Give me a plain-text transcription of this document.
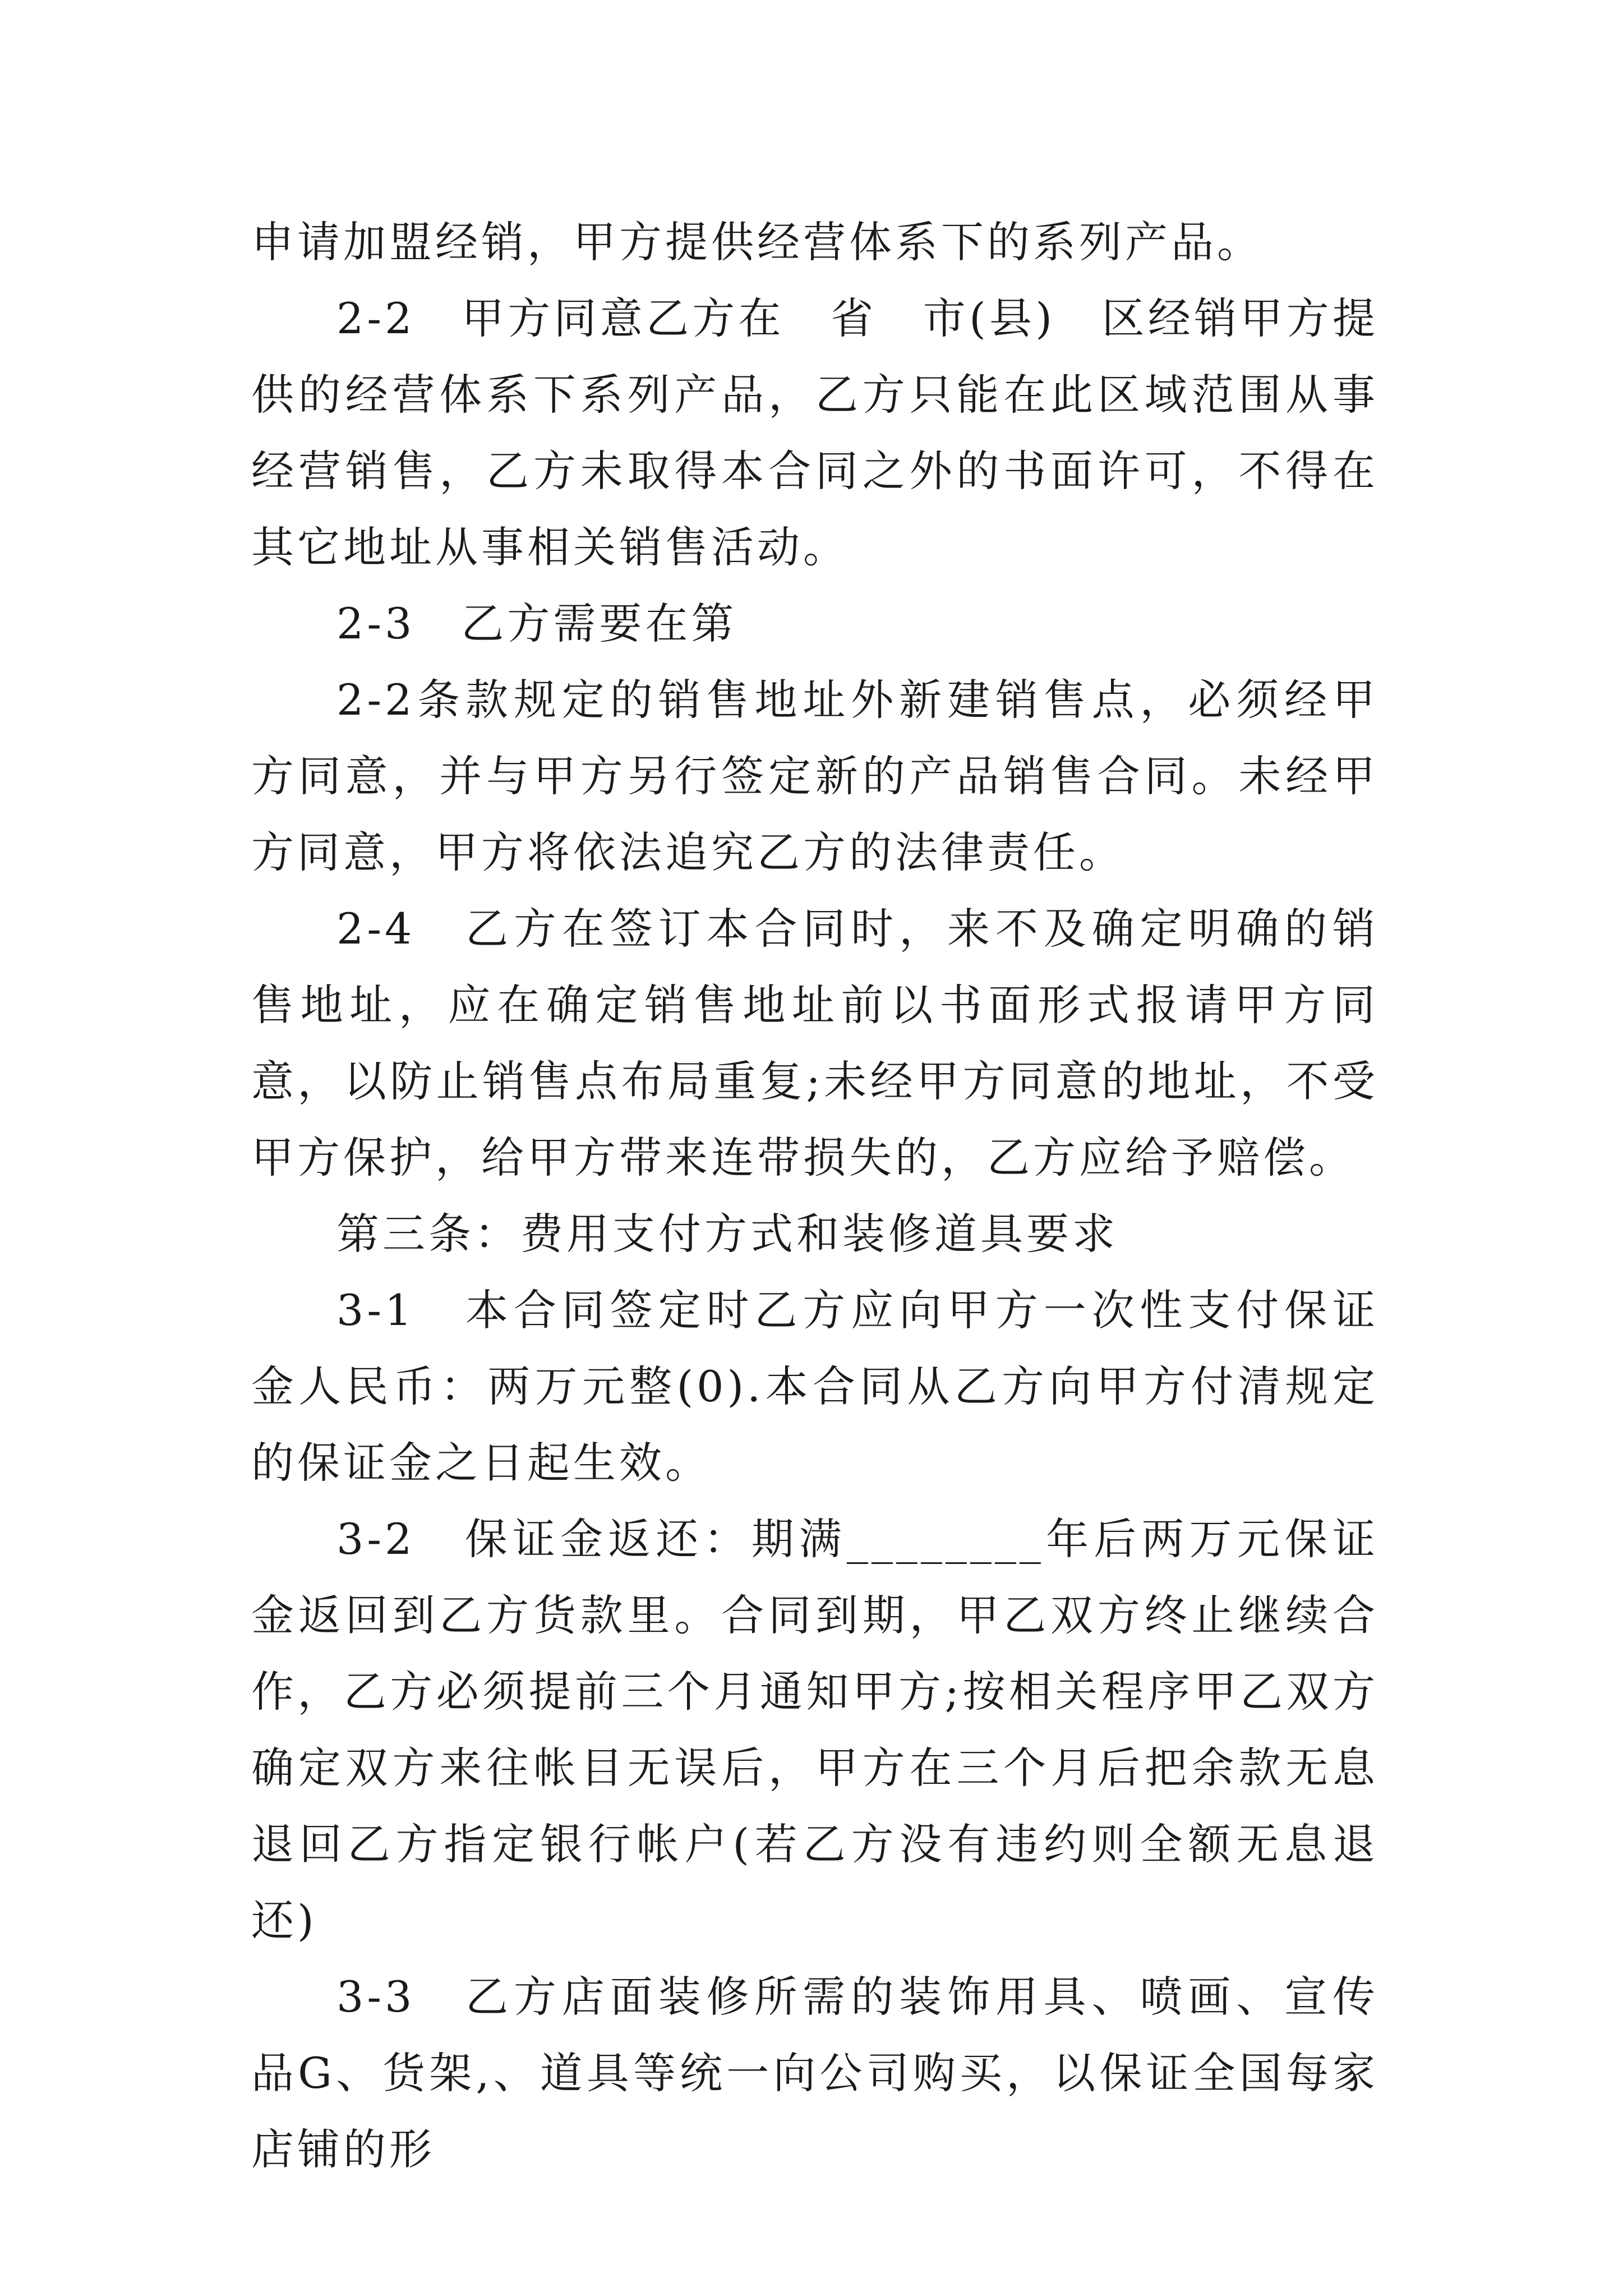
申请加盟经销，甲方提供经营体系下的系列产品。

2-2　甲方同意乙方在　省　市(县)　区经销甲方提供的经营体系下系列产品，乙方只能在此区域范围从事经营销售，乙方未取得本合同之外的书面许可，不得在其它地址从事相关销售活动。

2-3　乙方需要在第

2-2条款规定的销售地址外新建销售点，必须经甲方同意，并与甲方另行签定新的产品销售合同。未经甲方同意，甲方将依法追究乙方的法律责任。

2-4　乙方在签订本合同时，来不及确定明确的销售地址，应在确定销售地址前以书面形式报请甲方同意，以防止销售点布局重复;未经甲方同意的地址，不受甲方保护，给甲方带来连带损失的，乙方应给予赔偿。

第三条：费用支付方式和装修道具要求

3-1　本合同签定时乙方应向甲方一次性支付保证金人民币：两万元整(0).本合同从乙方向甲方付清规定的保证金之日起生效。

3-2　保证金返还：期满________年后两万元保证金返回到乙方货款里。合同到期，甲乙双方终止继续合作，乙方必须提前三个月通知甲方;按相关程序甲乙双方确定双方来往帐目无误后，甲方在三个月后把余款无息退回乙方指定银行帐户(若乙方没有违约则全额无息退还)

3-3　乙方店面装修所需的装饰用具、喷画、宣传品G、货架,、道具等统一向公司购买，以保证全国每家店铺的形
